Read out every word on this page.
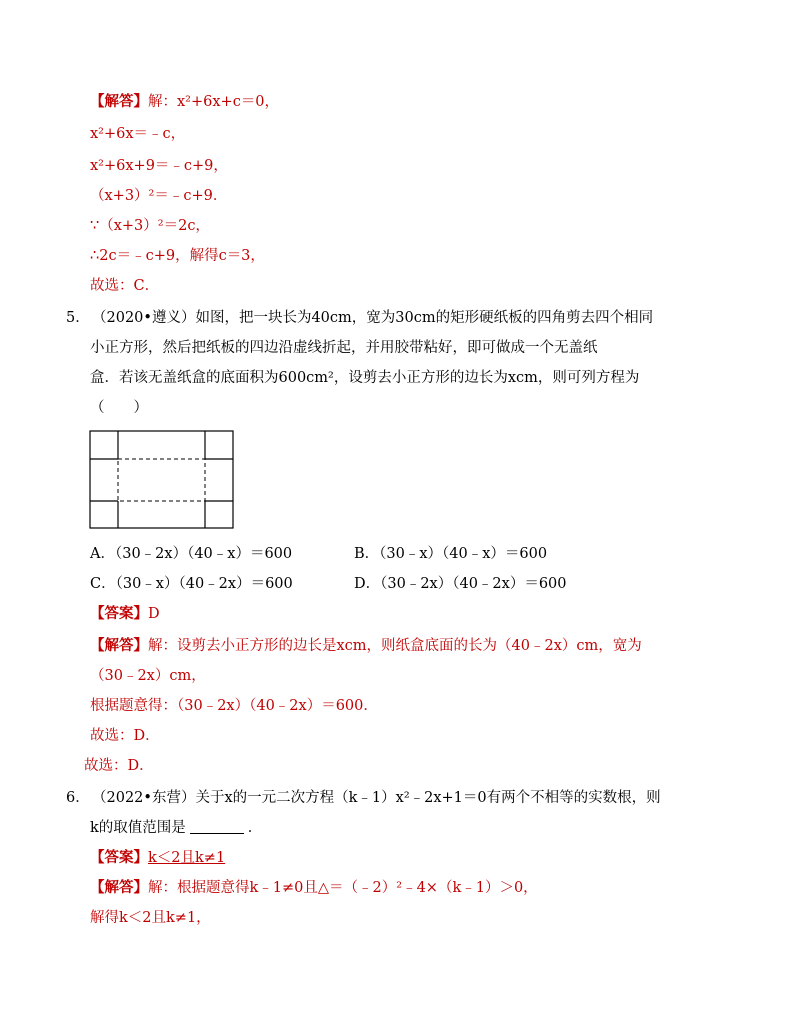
【解答】解：x²+6x+c＝0，
x²+6x＝﹣c，
x²+6x+9＝﹣c+9，
（x+3）²＝﹣c+9．
∵（x+3）²＝2c，
∴2c＝﹣c+9，解得c＝3，
故选：C．
5． （2020•遵义）如图，把一块长为40cm，宽为30cm的矩形硬纸板的四角剪去四个相同
小正方形，然后把纸板的四边沿虚线折起，并用胶带粘好，即可做成一个无盖纸
盒．若该无盖纸盒的底面积为600cm²，设剪去小正方形的边长为xcm，则可列方程为
（　　）
A．（30﹣2x）（40﹣x）＝600	B．（30﹣x）（40﹣x）＝600
C．（30﹣x）（40﹣2x）＝600	D．（30﹣2x）（40﹣2x）＝600
【答案】D
【解答】解：设剪去小正方形的边长是xcm，则纸盒底面的长为（40﹣2x）cm，宽为
（30﹣2x）cm，
根据题意得：（30﹣2x）（40﹣2x）＝600．
故选：D．
故选：D．
6． （2022•东营）关于x的一元二次方程（k﹣1）x²﹣2x+1＝0有两个不相等的实数根，则
k的取值范围是	．
【答案】k＜2且k≠1
【解答】解：根据题意得k﹣1≠0且△＝（﹣2）²﹣4×（k﹣1）＞0，
解得k＜2且k≠1，
